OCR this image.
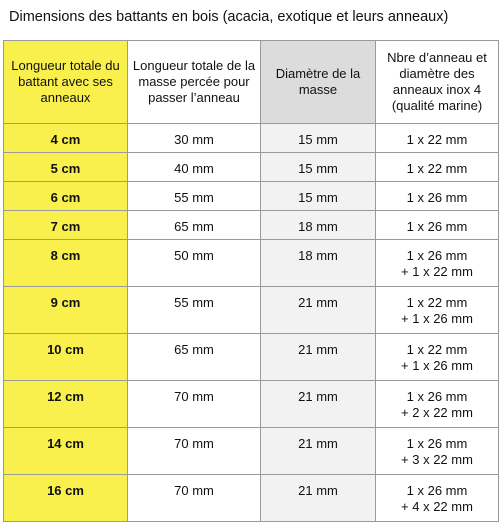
Dimensions des battants en bois (acacia, exotique et leurs anneaux)
Longueur totale du battant avec ses anneaux	Longueur totale de la masse percée pour passer l’anneau	Diamètre de la masse	Nbre d’anneau et diamètre des anneaux inox 4 (qualité marine)
4 cm	30 mm	15 mm	1 x 22 mm

5 cm	40 mm	15 mm	1 x 22 mm

6 cm	55 mm	15 mm	1 x 26 mm

7 cm	65 mm	18 mm	1 x 26 mm

8 cm	50 mm	18 mm	1 x 26 mm
+ 1 x 22 mm

9 cm	55 mm	21 mm	1 x 22 mm
+ 1 x 26 mm

10 cm	65 mm	21 mm	1 x 22 mm
+ 1 x 26 mm

12 cm	70 mm	21 mm	1 x 26 mm
+ 2 x 22 mm

14 cm	70 mm	21 mm	1 x 26 mm
+ 3 x 22 mm

16 cm	70 mm	21 mm	1 x 26 mm
+ 4 x 22 mm
